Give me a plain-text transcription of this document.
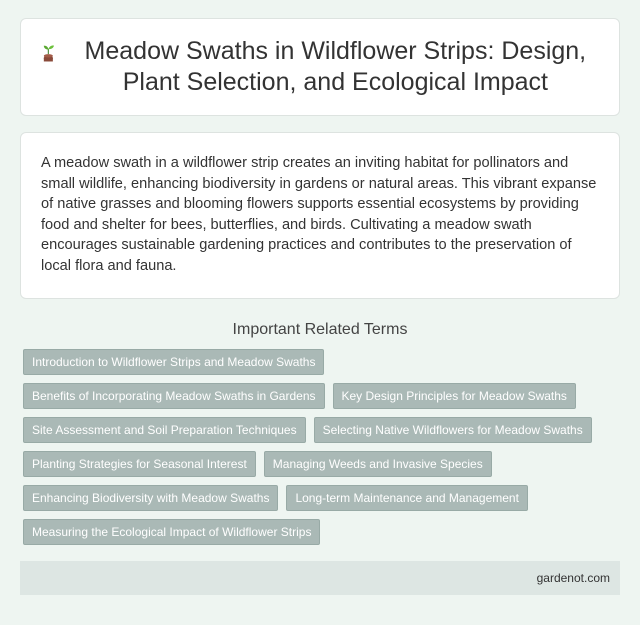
Meadow Swaths in Wildflower Strips: Design, Plant Selection, and Ecological Impact

A meadow swath in a wildflower strip creates an inviting habitat for pollinators and small wildlife, enhancing biodiversity in gardens or natural areas. This vibrant expanse of native grasses and blooming flowers supports essential ecosystems by providing food and shelter for bees, butterflies, and birds. Cultivating a meadow swath encourages sustainable gardening practices and contributes to the preservation of local flora and fauna.

Important Related Terms
Introduction to Wildflower Strips and Meadow Swaths
Benefits of Incorporating Meadow Swaths in Gardens	Key Design Principles for Meadow Swaths
Site Assessment and Soil Preparation Techniques	Selecting Native Wildflowers for Meadow Swaths
Planting Strategies for Seasonal Interest	Managing Weeds and Invasive Species
Enhancing Biodiversity with Meadow Swaths	Long-term Maintenance and Management
Measuring the Ecological Impact of Wildflower Strips
gardenot.com
